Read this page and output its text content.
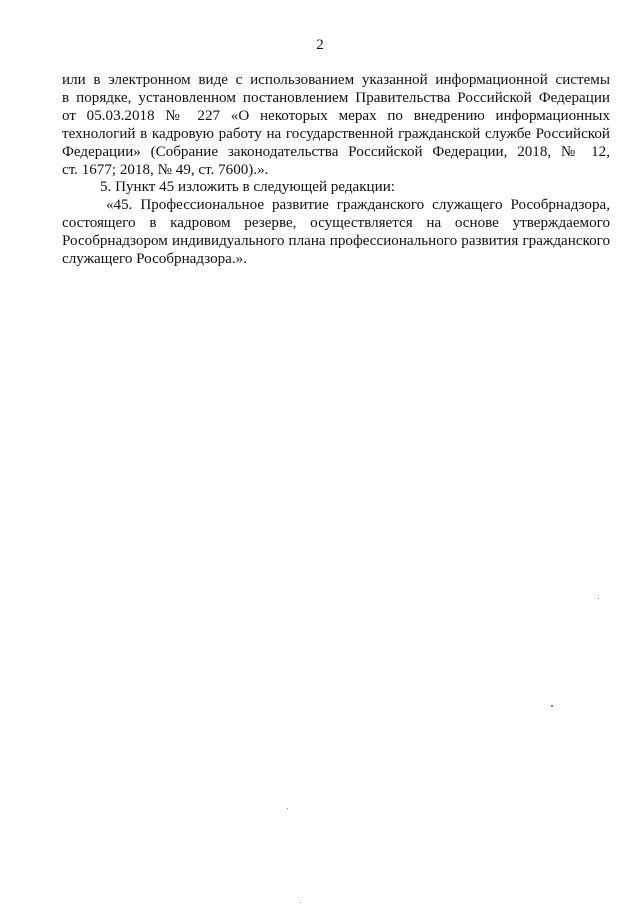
2
или в электронном виде с использованием указанной информационной системы
в порядке, установленном постановлением Правительства Российской Федерации
от 05.03.2018 № 227 «О некоторых мерах по внедрению информационных
технологий в кадровую работу на государственной гражданской службе Российской
Федерации» (Собрание законодательства Российской Федерации, 2018, № 12,
ст. 1677; 2018, № 49, ст. 7600).».
5. Пункт 45 изложить в следующей редакции:
«45. Профессиональное развитие гражданского служащего Рособрнадзора,
состоящего в кадровом резерве, осуществляется на основе утверждаемого
Рособрнадзором индивидуального плана профессионального развития гражданского
служащего Рособрнадзора.».
